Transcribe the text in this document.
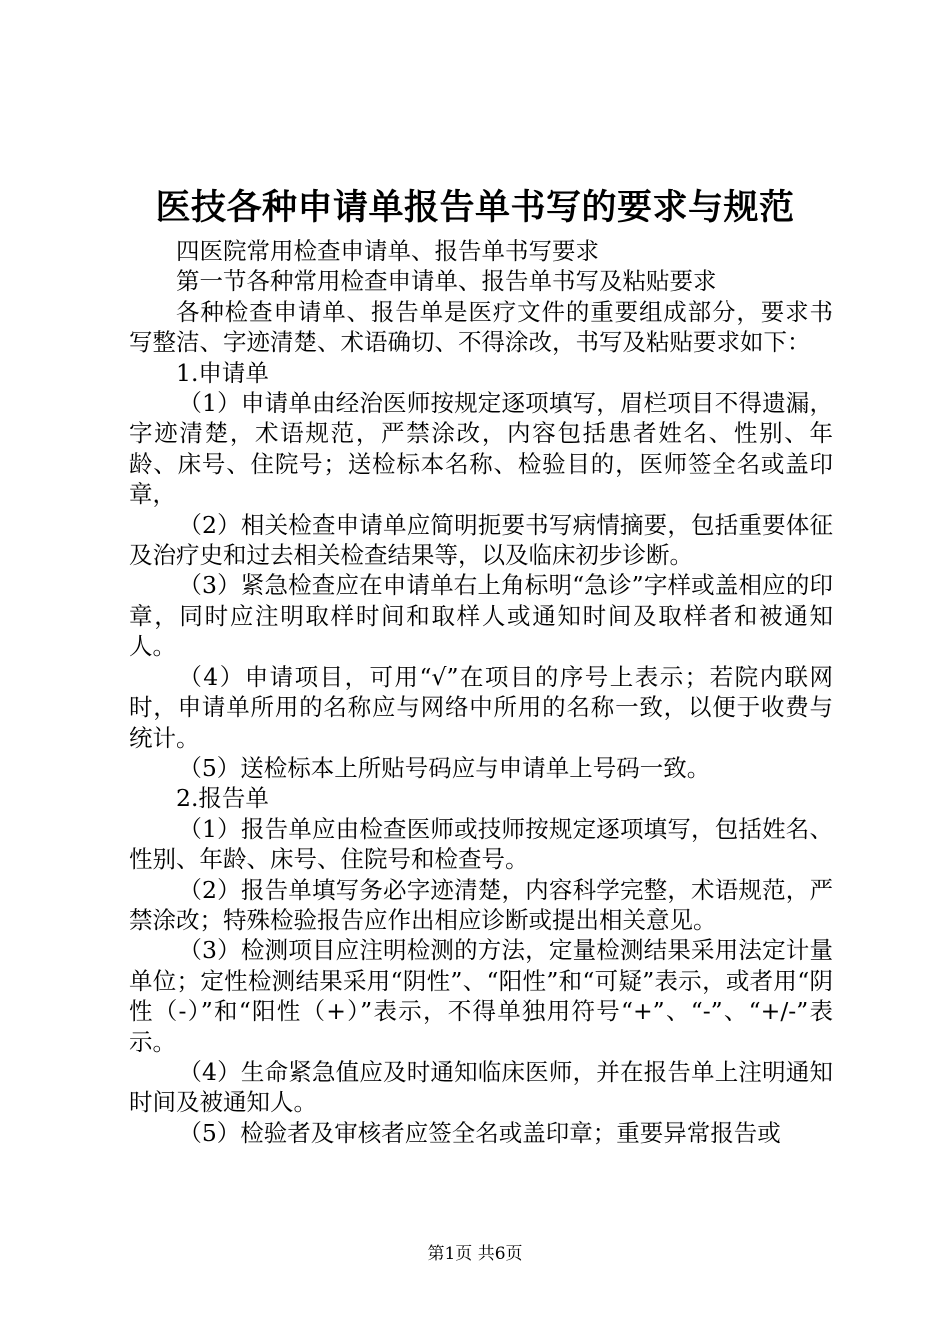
医技各种申请单报告单书写的要求与规范

四医院常用检查申请单、报告单书写要求

第一节各种常用检查申请单、报告单书写及粘贴要求

各种检查申请单、报告单是医疗文件的重要组成部分，要求书写整洁、字迹清楚、术语确切、不得涂改，书写及粘贴要求如下：

1.申请单

（1）申请单由经治医师按规定逐项填写，眉栏项目不得遗漏，字迹清楚，术语规范，严禁涂改，内容包括患者姓名、性别、年龄、床号、住院号；送检标本名称、检验目的，医师签全名或盖印章，

（2）相关检查申请单应简明扼要书写病情摘要，包括重要体征及治疗史和过去相关检查结果等，以及临床初步诊断。

（3）紧急检查应在申请单右上角标明“急诊”字样或盖相应的印章，同时应注明取样时间和取样人或通知时间及取样者和被通知人。

（4）申请项目，可用“√”在项目的序号上表示；若院内联网时，申请单所用的名称应与网络中所用的名称一致，以便于收费与统计。

（5）送检标本上所贴号码应与申请单上号码一致。

2.报告单

（1）报告单应由检查医师或技师按规定逐项填写，包括姓名、性别、年龄、床号、住院号和检查号。

（2）报告单填写务必字迹清楚，内容科学完整，术语规范，严禁涂改；特殊检验报告应作出相应诊断或提出相关意见。

（3）检测项目应注明检测的方法，定量检测结果采用法定计量单位；定性检测结果采用“阴性”、“阳性”和“可疑”表示，或者用“阴性（-）”和“阳性（+）”表示，不得单独用符号“+”、“-”、“+/-”表示。

（4）生命紧急值应及时通知临床医师，并在报告单上注明通知时间及被通知人。

（5）检验者及审核者应签全名或盖印章；重要异常报告或

第1页 共6页
